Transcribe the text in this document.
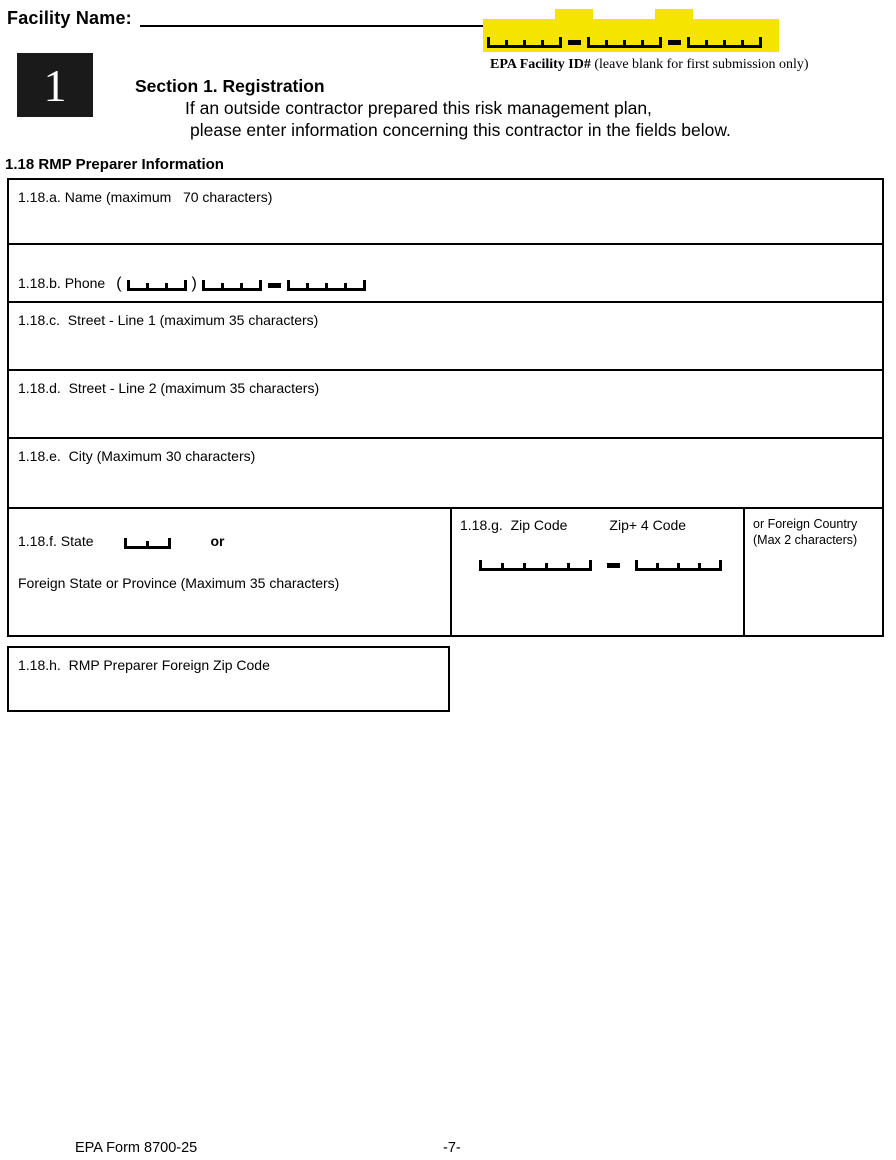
Facility Name:
EPA Facility ID# (leave blank for first submission only)
1	Section 1. Registration
If an outside contractor prepared this risk management plan,
please enter information concerning this contractor in the fields below.
1.18 RMP Preparer Information
1.18.a. Name (maximum   70 characters)
1.18.b. Phone (	)
1.18.c.  Street - Line 1 (maximum 35 characters)
1.18.d.  Street - Line 2 (maximum 35 characters)
1.18.e.  City (Maximum 30 characters)
1.18.f. State	or
Foreign State or Province (Maximum 35 characters)
1.18.g.  Zip Code	Zip+ 4 Code	or Foreign Country
(Max 2 characters)
1.18.h.  RMP Preparer Foreign Zip Code
EPA Form 8700-25	-7-
